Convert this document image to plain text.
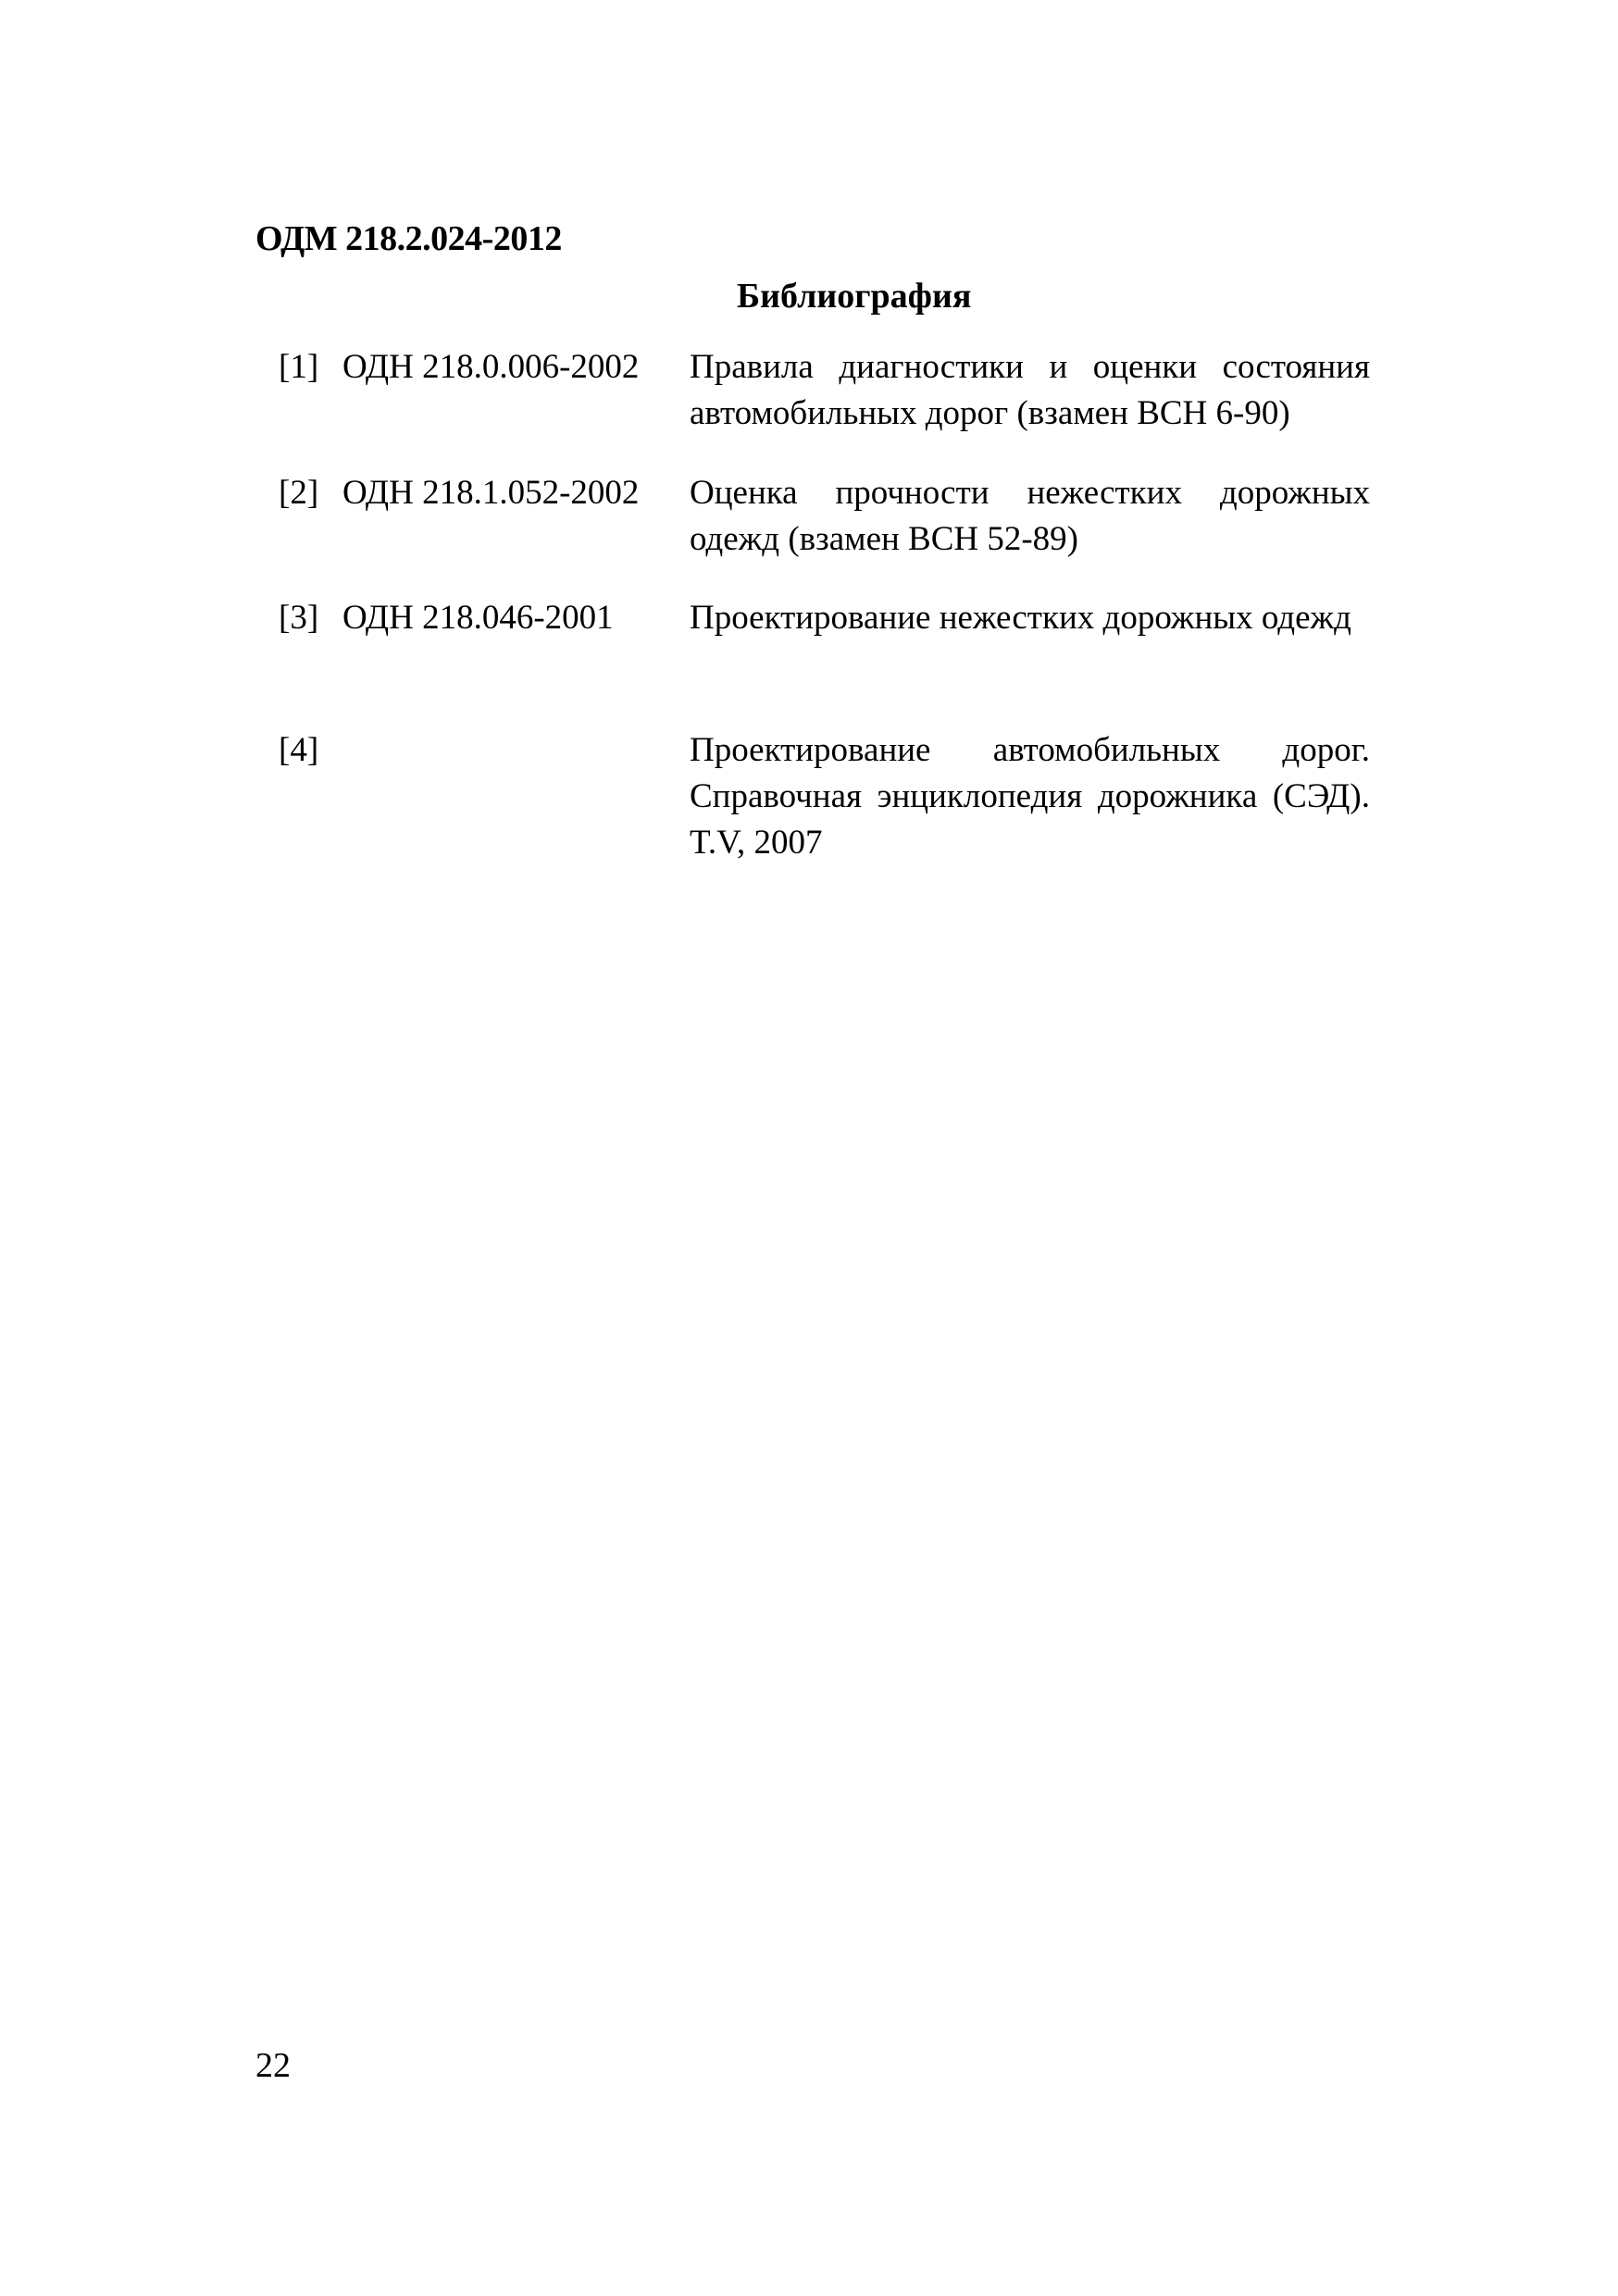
ОДМ 218.2.024-2012
Библиография
[1] ОДН 218.0.006-2002 Правила диагностики и оценки состояния автомобильных дорог (взамен ВСН 6-90)
[2] ОДН 218.1.052-2002 Оценка прочности нежестких дорожных одежд (взамен ВСН 52-89)
[3] ОДН 218.046-2001 Проектирование нежестких дорожных одежд
[4]	Проектирование автомобильных дорог. Справочная энциклопедия дорожника (СЭД). T.V, 2007
22
